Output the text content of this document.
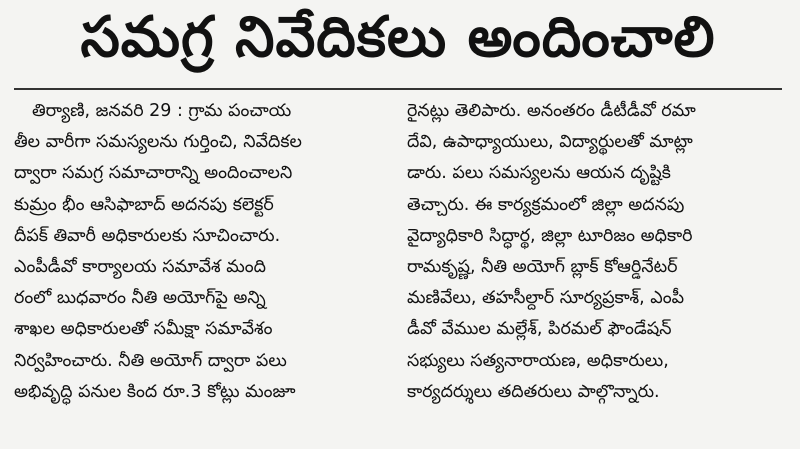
సమగ్ర నివేదికలు అందించాలి
తిర్యాణి, జనవరి 29 : గ్రామ పంచాయ
తీల వారీగా సమస్యలను గుర్తించి, నివేదికల
ద్వారా సమగ్ర సమాచారాన్ని అందించాలని
కుమ్రం భీం ఆసిఫాబాద్ అదనపు కలెక్టర్
దీపక్ తివారీ అధికారులకు సూచించారు.
ఎంపీడీవో కార్యాలయ సమావేశ మంది
రంలో బుధవారం నీతి అయోగ్‌పై అన్ని
శాఖల అధికారులతో సమీక్షా సమావేశం
నిర్వహించారు. నీతి అయోగ్ ద్వారా పలు
అభివృద్ధి పనుల కింద రూ.3 కోట్లు మంజూ
రైనట్లు తెలిపారు. అనంతరం డీటీడీవో రమా
దేవి, ఉపాధ్యాయులు, విద్యార్థులతో మాట్లా
డారు. పలు సమస్యలను ఆయన దృష్టికి
తెచ్చారు. ఈ కార్యక్రమంలో జిల్లా అదనపు
వైద్యాధికారి సిద్ధార్థ, జిల్లా టూరిజం అధికారి
రామకృష్ణ, నీతి అయోగ్ బ్లాక్ కోఆర్డినేటర్
మణివేలు, తహసీల్దార్ సూర్యప్రకాశ్, ఎంపీ
డీవో వేముల మల్లేశ్, పిరమల్ ఫౌండేషన్
సభ్యులు సత్యనారాయణ, అధికారులు,
కార్యదర్శులు తదితరులు పాల్గొన్నారు.
